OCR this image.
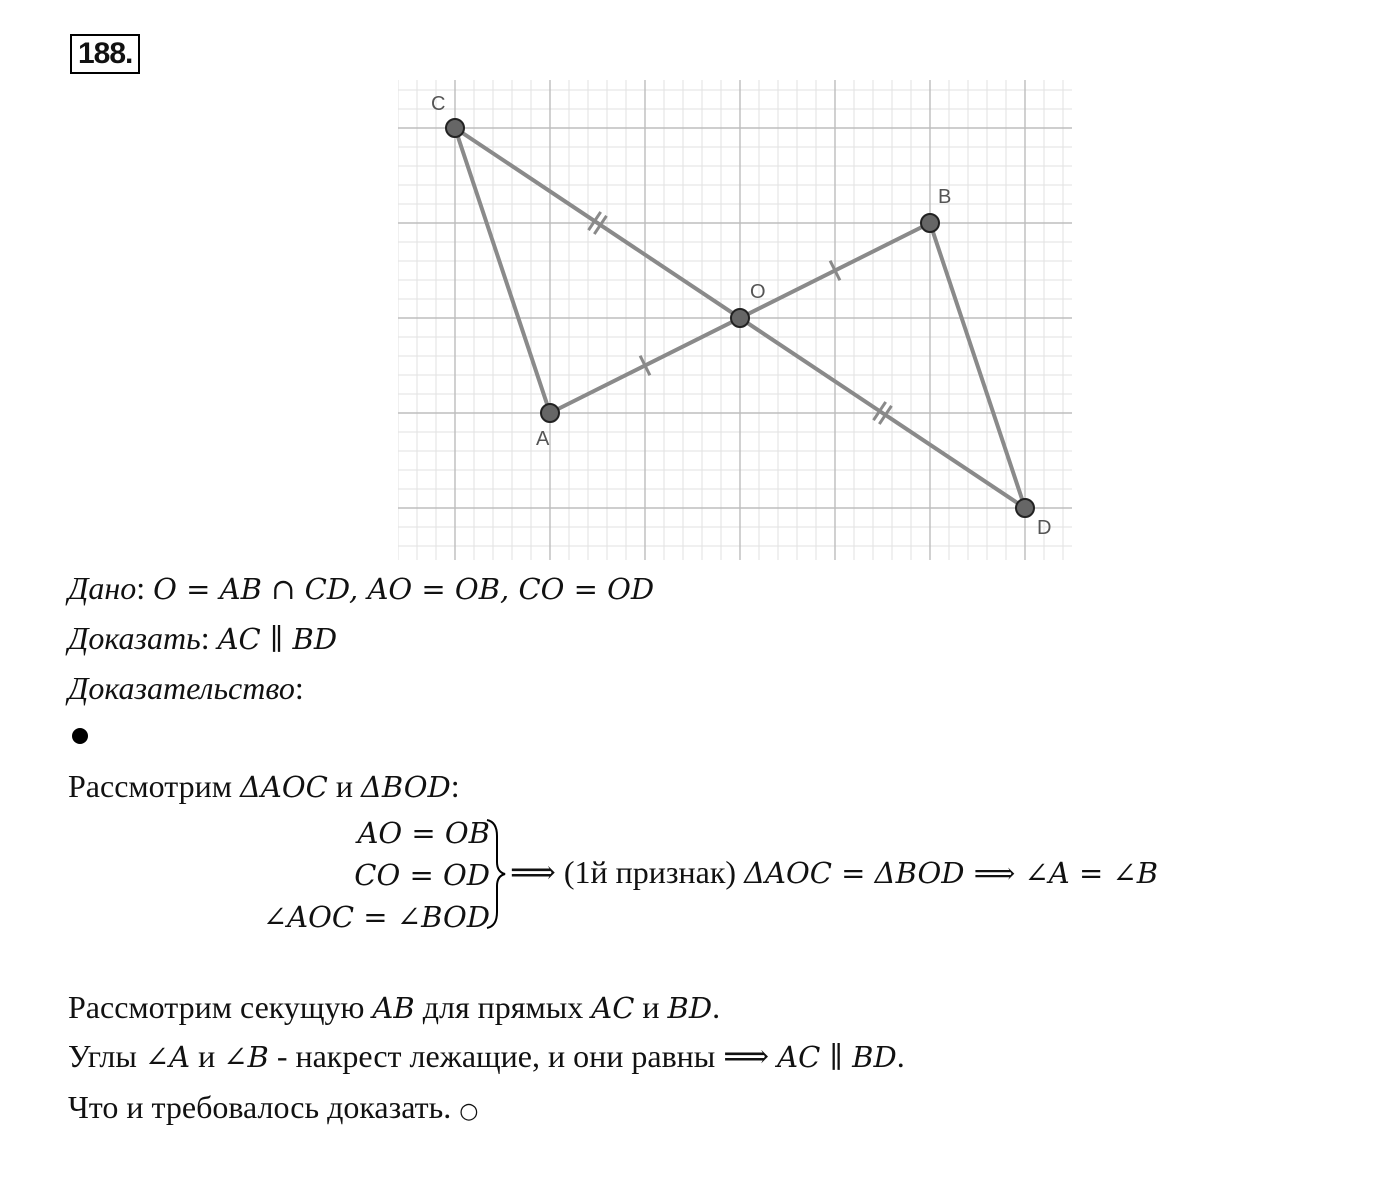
188.
C
B
O
A
D
Дано: O = AB ∩ CD, AO = OB, CO = OD
Доказать: AC ∥ BD
Доказательство:
Рассмотрим ΔAOC и ΔBOD:
AO = OB
CO = OD
∠AOC = ∠BOD
⟹ (1й признак) ΔAOC = ΔBOD ⟹ ∠A = ∠B
Рассмотрим секущую AB для прямых AC и BD.
Углы ∠A и ∠B - накрест лежащие, и они равны ⟹ AC ∥ BD.
Что и требовалось доказать. ○
